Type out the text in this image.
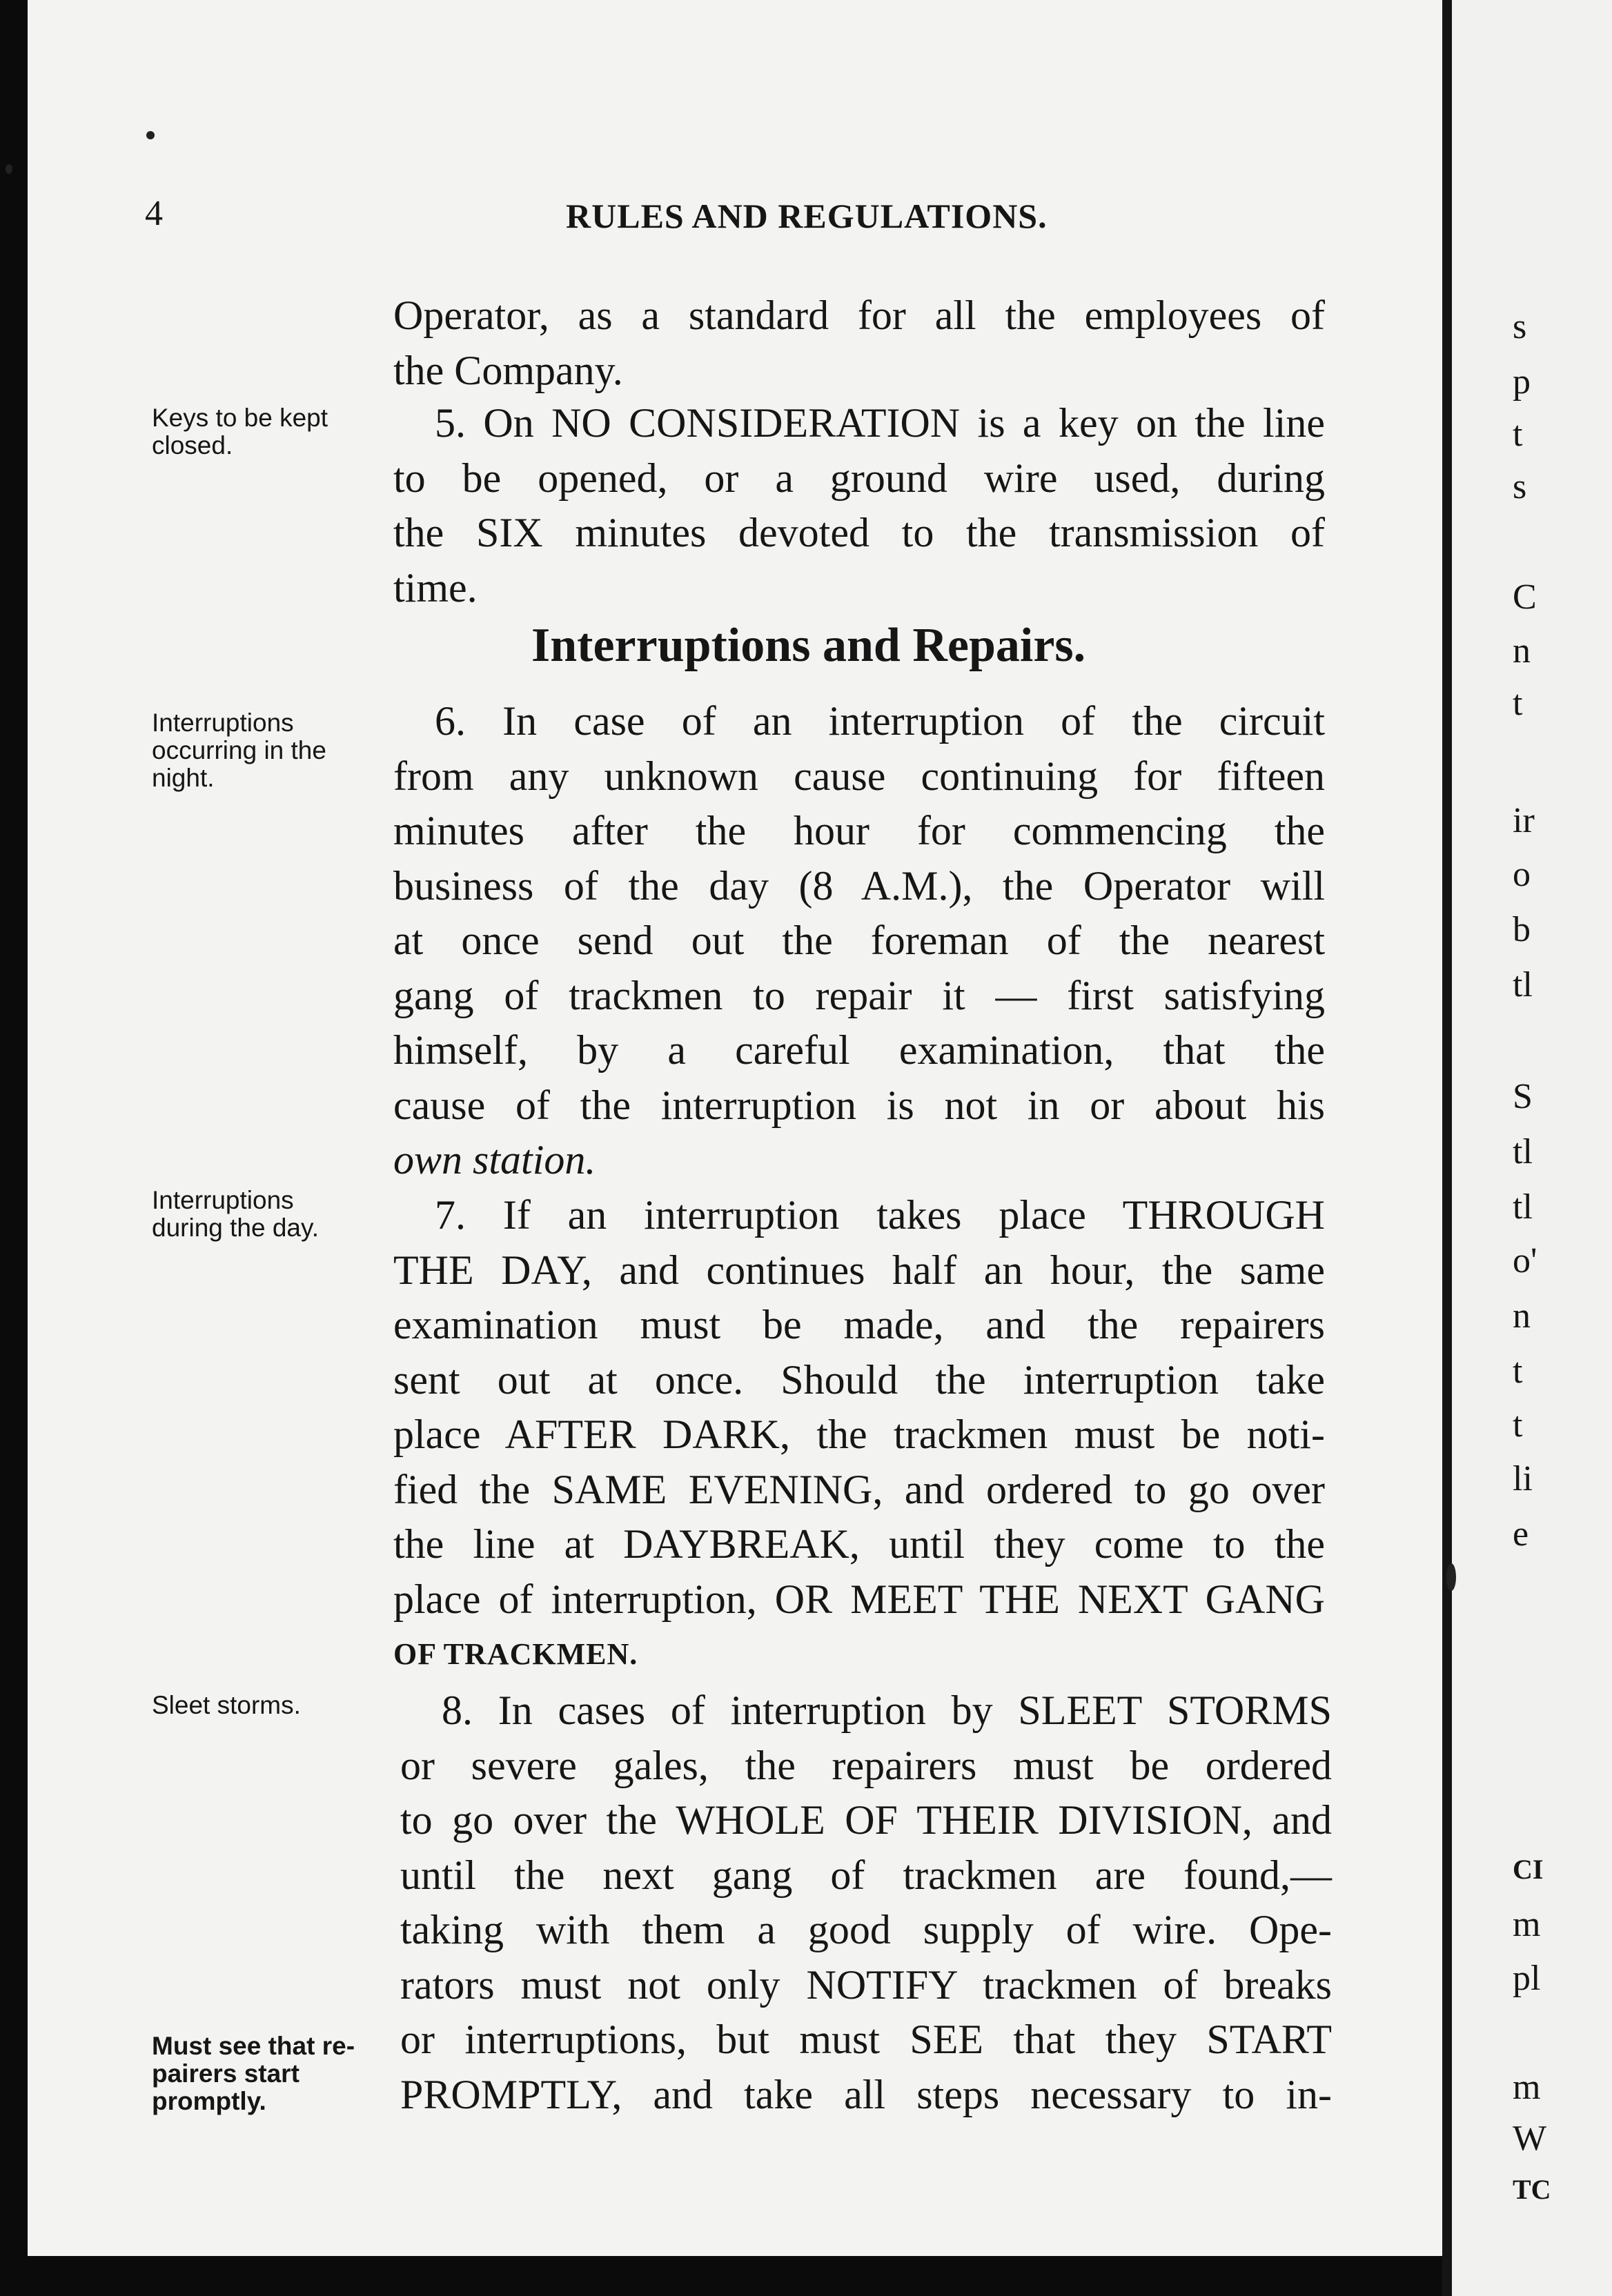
s
p
t
s
C
n
t
ir
o
b
tl
S
tl
tl
o'
n
t
t
li
e
CI
m
pl
m
W
TC
4	RULES AND REGULATIONS.
Operator, as a standard for all the employees of
the Company.
Keys to be kept
closed.	5. On NO CONSIDERATION is a key on the line
to be opened, or a ground wire used, during
the SIX minutes devoted to the transmission of
time.
Interruptions and Repairs.
Interruptions
occurring in the
night.
6. In case of an interruption of the circuit
from any unknown cause continuing for fifteen
minutes after the hour for commencing the
business of the day (8 A.M.), the Operator will
at once send out the foreman of the nearest
gang of trackmen to repair it — first satisfying
himself, by a careful examination, that the
cause of the interruption is not in or about his
own station.
Interruptions
during the day.	7. If an interruption takes place THROUGH
THE DAY, and continues half an hour, the same
examination must be made, and the repairers
sent out at once. Should the interruption take
place AFTER DARK, the trackmen must be noti-
fied the SAME EVENING, and ordered to go over
the line at DAYBREAK, until they come to the
place of interruption, OR MEET THE NEXT GANG
OF TRACKMEN.
Sleet storms.
Must see that re-
pairers start
promptly.
8. In cases of interruption by SLEET STORMS
or severe gales, the repairers must be ordered
to go over the WHOLE OF THEIR DIVISION, and
until the next gang of trackmen are found,—
taking with them a good supply of wire. Ope-
rators must not only NOTIFY trackmen of breaks
or interruptions, but must SEE that they START
PROMPTLY, and take all steps necessary to in-
